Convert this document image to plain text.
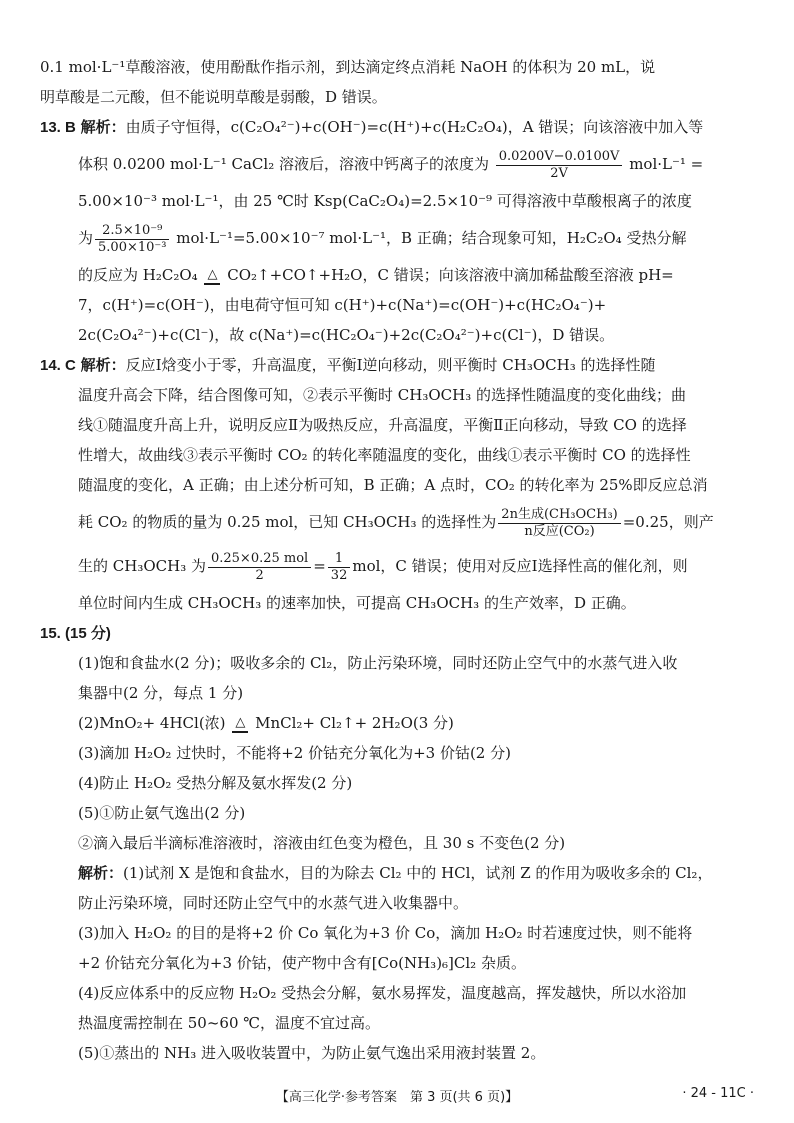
0.1 mol·L⁻¹草酸溶液，使用酚酞作指示剂，到达滴定终点消耗 NaOH 的体积为 20 mL，说
明草酸是二元酸，但不能说明草酸是弱酸，D 错误。
13. B 解析：由质子守恒得，c(C₂O₄²⁻)+c(OH⁻)=c(H⁺)+c(H₂C₂O₄)，A 错误；向该溶液中加入等
体积 0.0200 mol·L⁻¹ CaCl₂ 溶液后，溶液中钙离子的浓度为 $\frac{0.0200V-0.0100V}{2V} mol\cdot L^{-1}$ =
5.00×10⁻³ mol·L⁻¹，由 25 ℃时 Ksp(CaC₂O₄)=2.5×10⁻⁹ 可得溶液中草酸根离子的浓度
为 $\frac{\text{2.5×10⁻⁹}}{\text{5.00×10⁻³}} mol\cdot L^{-1}=5.00\times 10^{-7}$ mol·L⁻¹，B 正确；结合现象可知，H₂C₂O₄ 受热分解
的反应为 H₂C₂O₄ △ CO₂↑+CO↑+H₂O，C 错误；向该溶液中滴加稀盐酸至溶液 pH=
7，c(H⁺)=c(OH⁻)，由电荷守恒可知 c(H⁺)+c(Na⁺)=c(OH⁻)+c(HC₂O₄⁻)+
2c(C₂O₄²⁻)+c(Cl⁻)，故 c(Na⁺)=c(HC₂O₄⁻)+2c(C₂O₄²⁻)+c(Cl⁻)，D 错误。
14. C 解析：反应Ⅰ焓变小于零，升高温度，平衡Ⅰ逆向移动，则平衡时 CH₃OCH₃ 的选择性随
温度升高会下降，结合图像可知，②表示平衡时 CH₃OCH₃ 的选择性随温度的变化曲线；曲
线①随温度升高上升，说明反应Ⅱ为吸热反应，升高温度，平衡Ⅱ正向移动，导致 CO 的选择
性增大，故曲线③表示平衡时 CO₂ 的转化率随温度的变化，曲线①表示平衡时 CO 的选择性
随温度的变化，A 正确；由上述分析可知，B 正确；A 点时，CO₂ 的转化率为 25%即反应总消
耗 CO₂ 的物质的量为 0.25 mol，已知 CH₃OCH₃ 的选择性为 $\frac{\text{2n生成(CH₃OCH₃)}}{\text{n反应(CO₂)}} =0.25$，则产
生的 CH₃OCH₃ 为 $\frac{\text{0.25×0.25 mol}}{2} = \frac{1}{32}$ mol，C 错误；使用对反应Ⅰ选择性高的催化剂，则
单位时间内生成 CH₃OCH₃ 的速率加快，可提高 CH₃OCH₃ 的生产效率，D 正确。
15. (15 分)
(1)饱和食盐水(2 分)；吸收多余的 Cl₂，防止污染环境，同时还防止空气中的水蒸气进入收
集器中(2 分，每点 1 分)
(2)MnO₂+ 4HCl(浓) △ MnCl₂+ Cl₂↑+ 2H₂O(3 分)
(3)滴加 H₂O₂ 过快时，不能将+2 价钴充分氧化为+3 价钴(2 分)
(4)防止 H₂O₂ 受热分解及氨水挥发(2 分)
(5)①防止氨气逸出(2 分)
②滴入最后半滴标准溶液时，溶液由红色变为橙色，且 30 s 不变色(2 分)
解析：(1)试剂 X 是饱和食盐水，目的为除去 Cl₂ 中的 HCl，试剂 Z 的作用为吸收多余的 Cl₂，
防止污染环境，同时还防止空气中的水蒸气进入收集器中。
(3)加入 H₂O₂ 的目的是将+2 价 Co 氧化为+3 价 Co，滴加 H₂O₂ 时若速度过快，则不能将
+2 价钴充分氧化为+3 价钴，使产物中含有[Co(NH₃)₆]Cl₂ 杂质。
(4)反应体系中的反应物 H₂O₂ 受热会分解，氨水易挥发，温度越高，挥发越快，所以水浴加
热温度需控制在 50~60 ℃，温度不宜过高。
(5)①蒸出的 NH₃ 进入吸收装置中，为防止氨气逸出采用液封装置 2。
【高三化学·参考答案　第 3 页(共 6 页)】	· 24 - 11C ·
